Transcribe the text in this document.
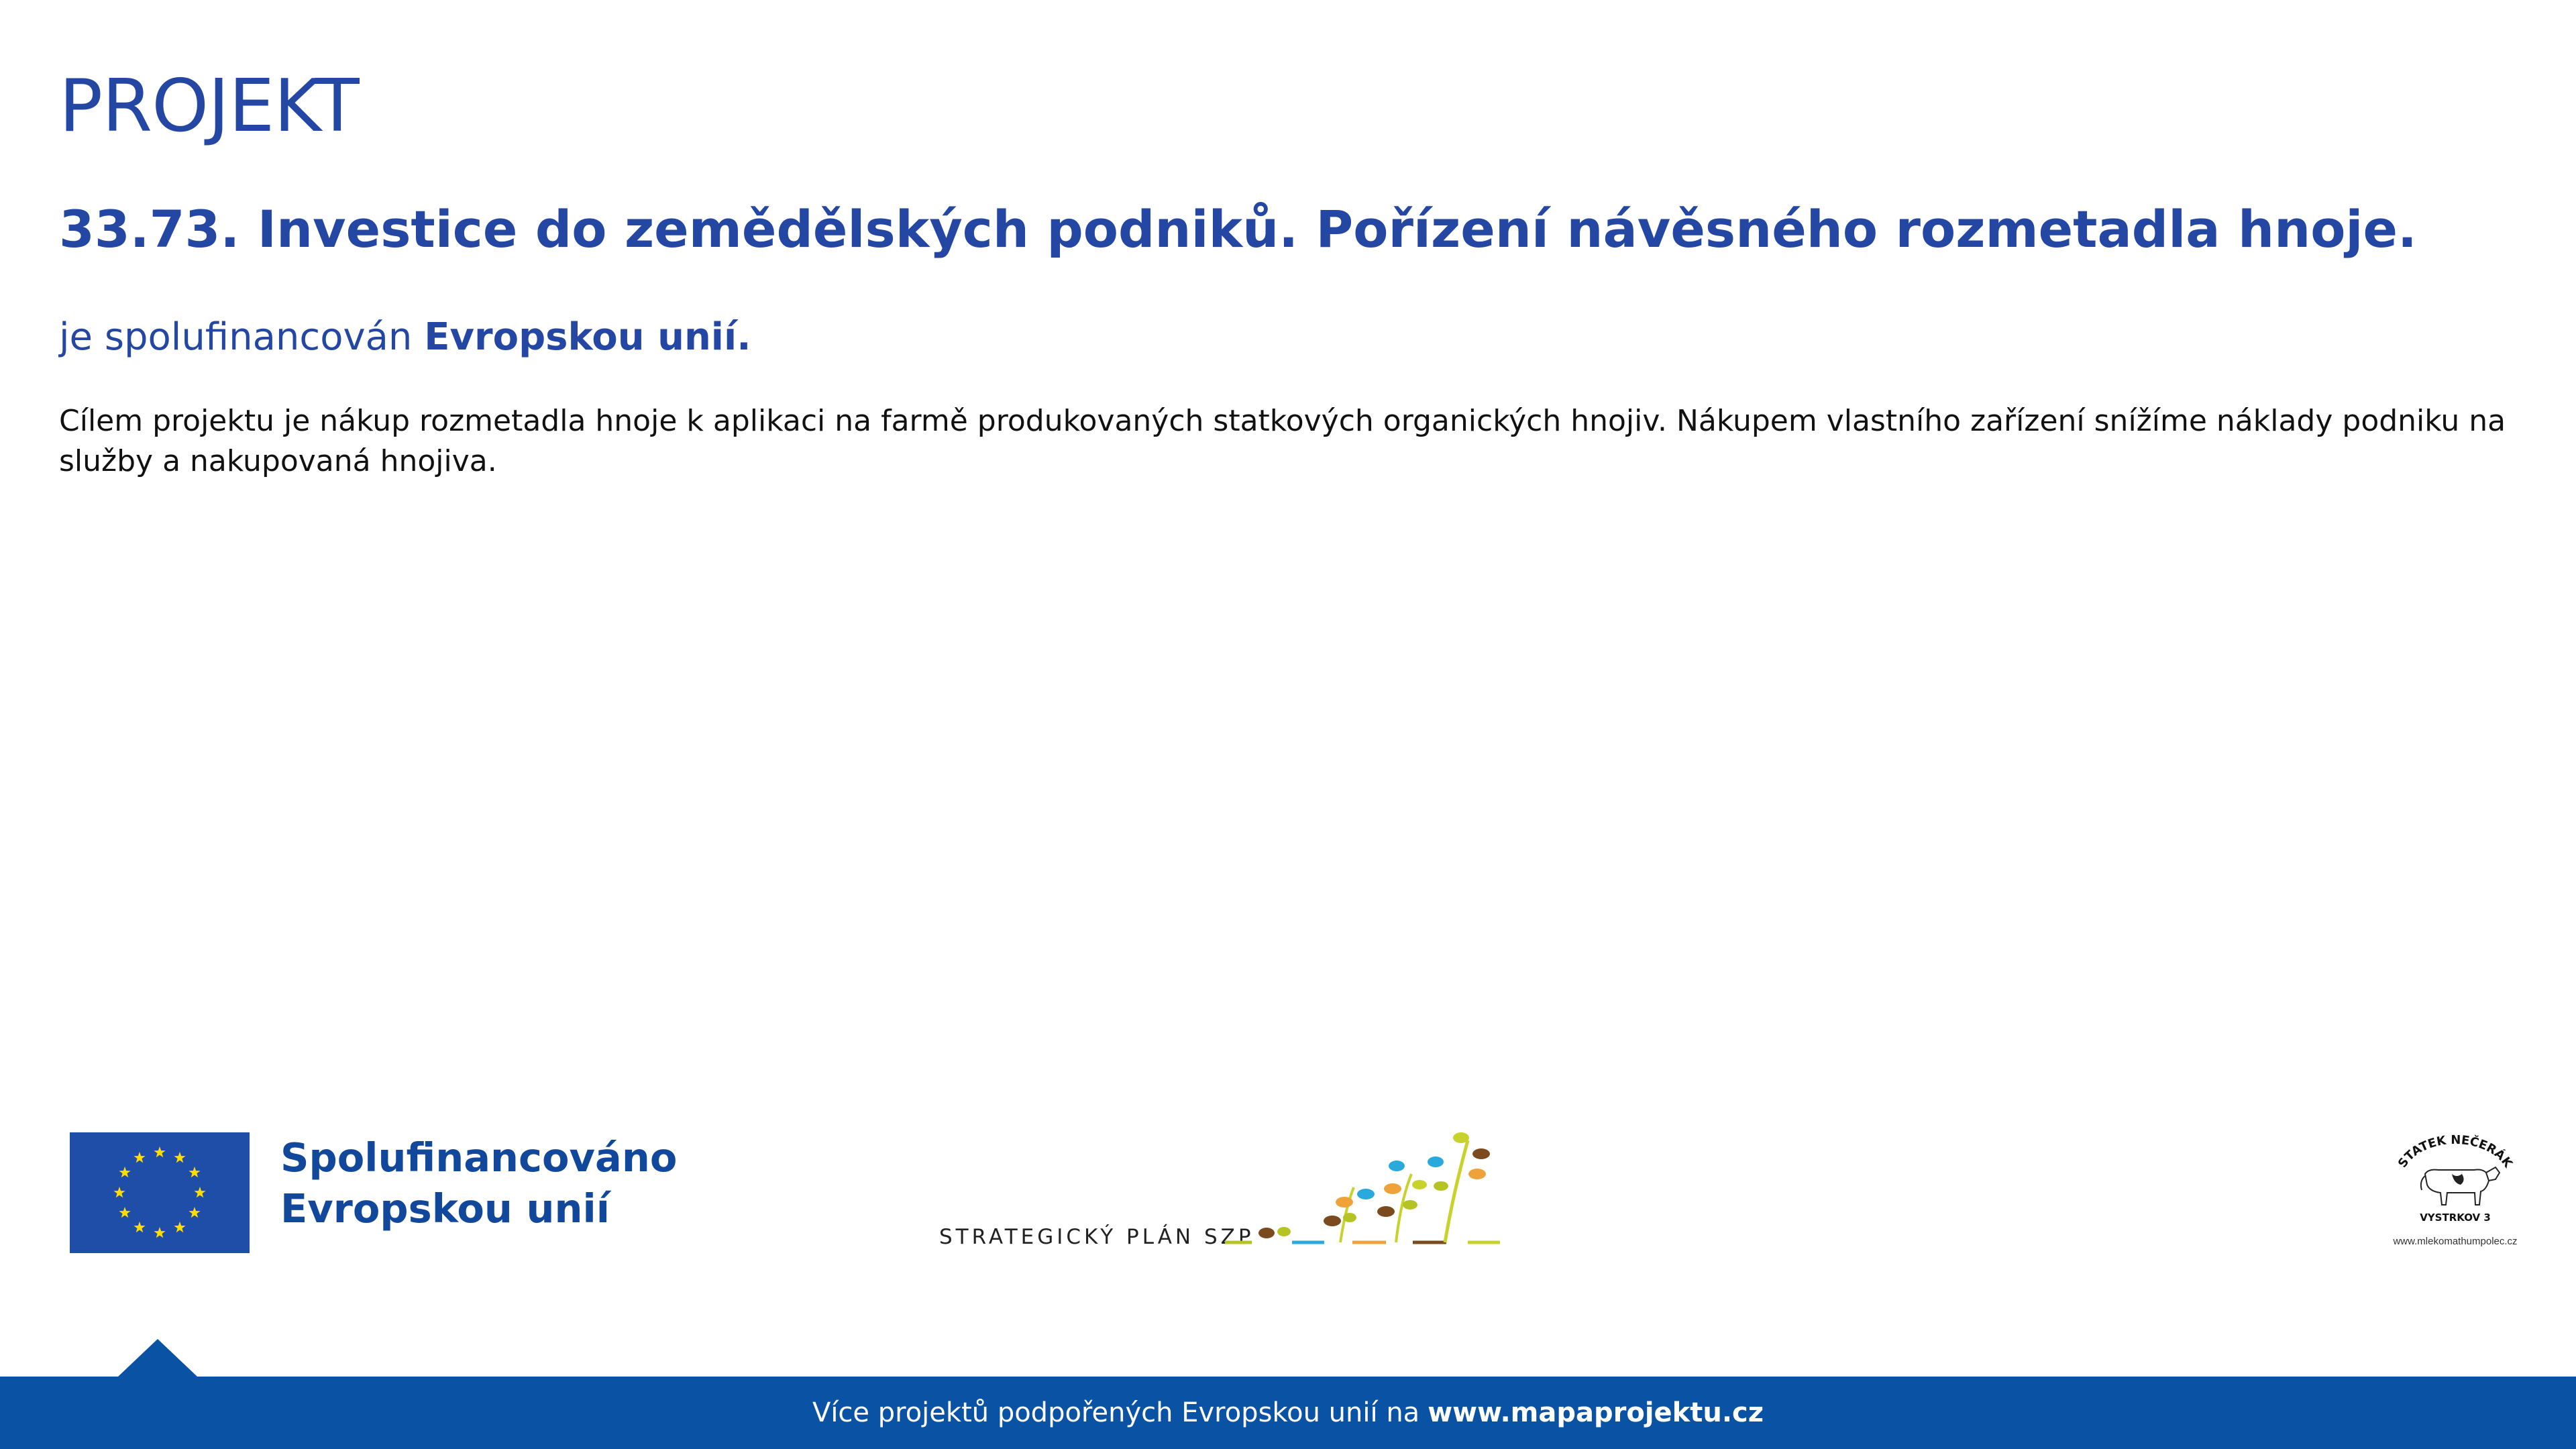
PROJEKT
33.73. Investice do zemědělských podniků. Pořízení návěsného rozmetadla hnoje.

je spolufinancován Evropskou unií.

Cílem projektu je nákup rozmetadla hnoje k aplikaci na farmě produkovaných statkových organických hnojiv. Nákupem vlastního zařízení snížíme náklady podniku na služby a nakupovaná hnojiva.

Spolufinancováno
Evropskou unií
STRATEGICKÝ PLÁN SZP
STATEK NEČERÁK
VYSTRKOV 3
www.mlekomathumpolec.cz
Více projektů podpořených Evropskou unií na www.mapaprojektu.cz
